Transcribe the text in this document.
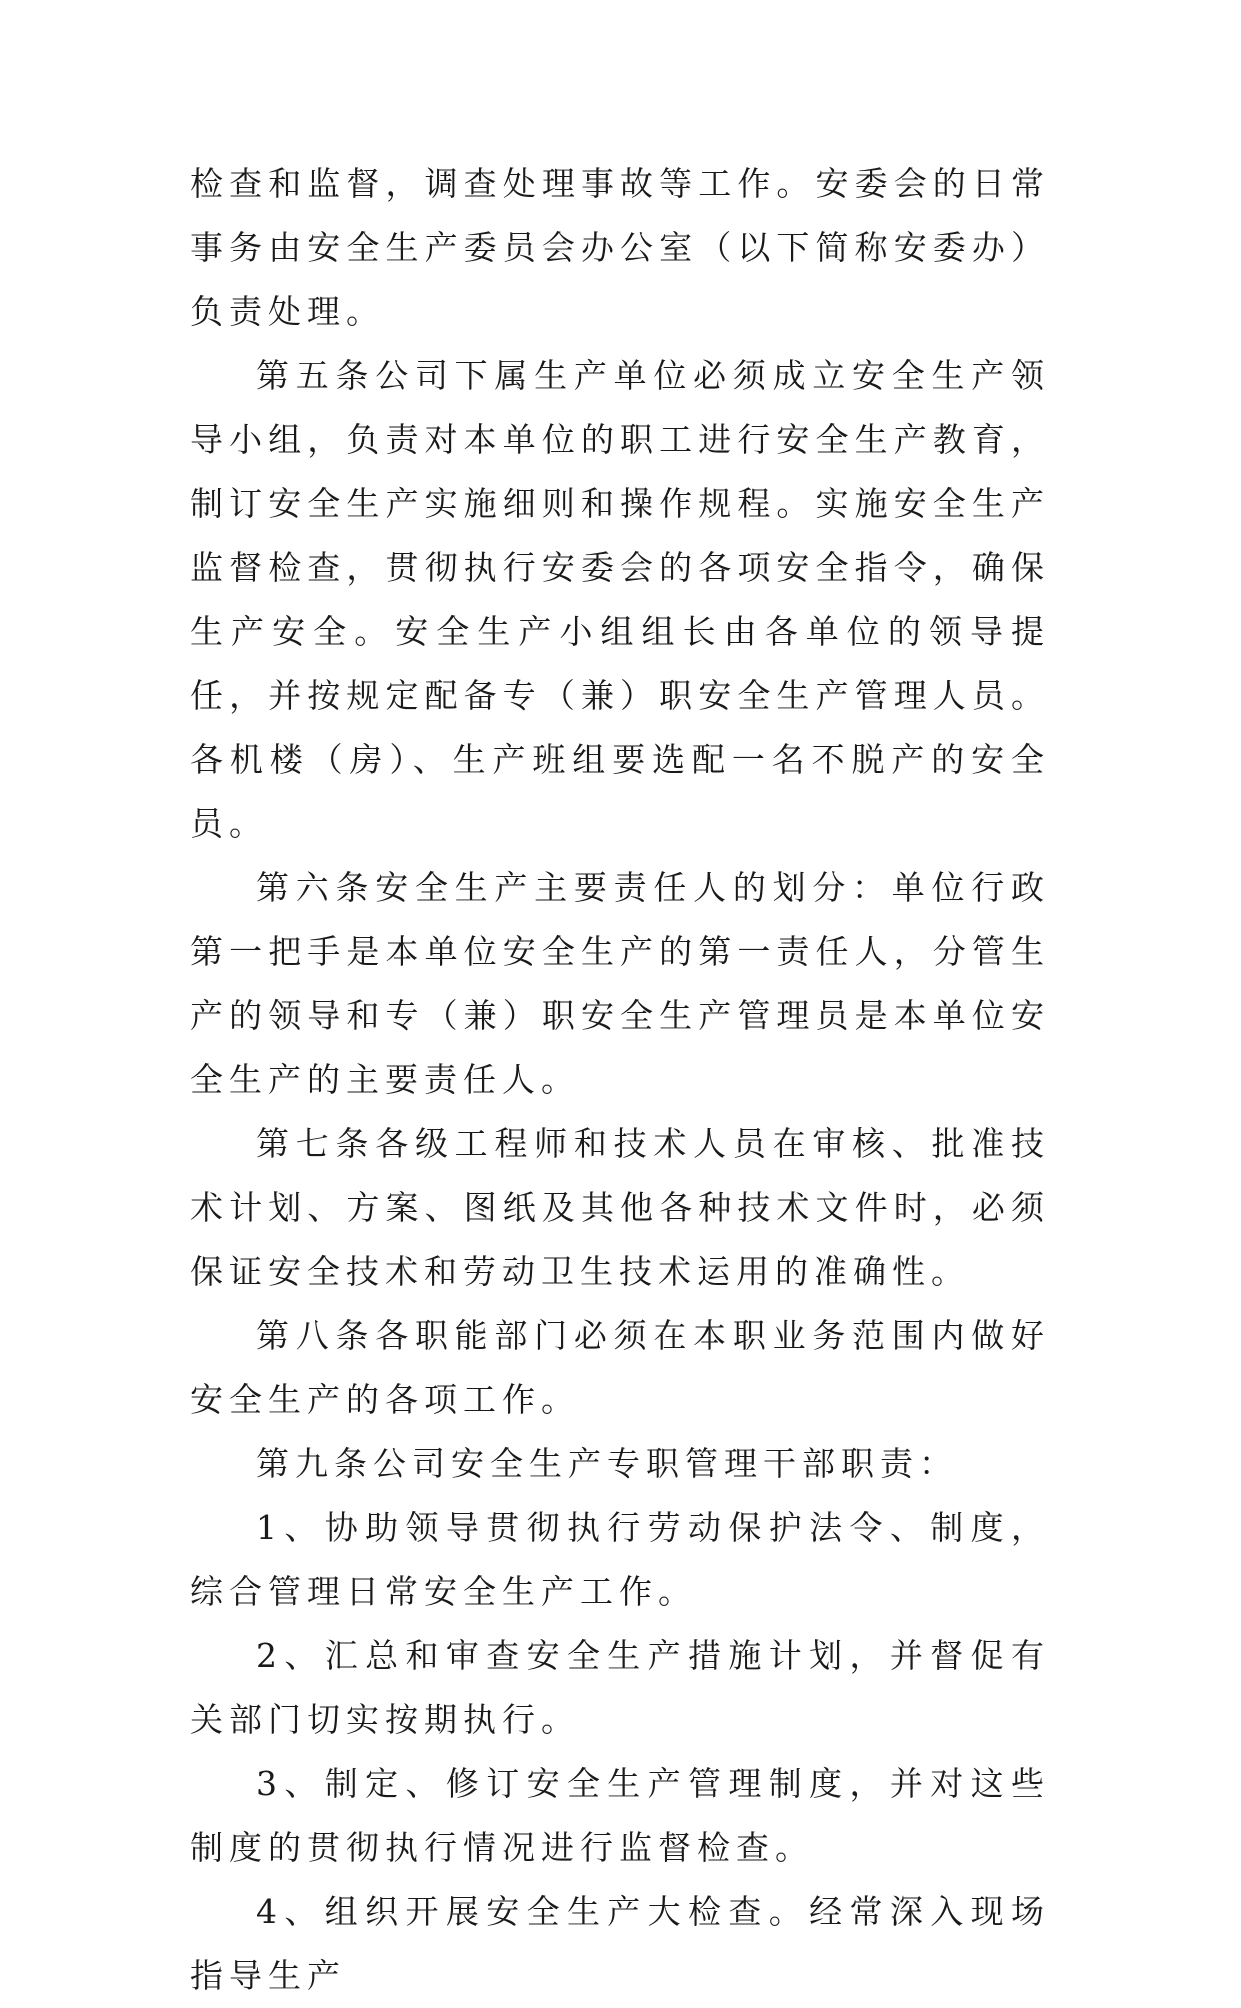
检查和监督，调查处理事故等工作。安委会的日常事务由安全生产委员会办公室（以下简称安委办）负责处理。

第五条公司下属生产单位必须成立安全生产领导小组，负责对本单位的职工进行安全生产教育，制订安全生产实施细则和操作规程。实施安全生产监督检查，贯彻执行安委会的各项安全指令，确保生产安全。安全生产小组组长由各单位的领导提任，并按规定配备专（兼）职安全生产管理人员。各机楼（房）、生产班组要选配一名不脱产的安全员。

第六条安全生产主要责任人的划分：单位行政第一把手是本单位安全生产的第一责任人，分管生产的领导和专（兼）职安全生产管理员是本单位安全生产的主要责任人。

第七条各级工程师和技术人员在审核、批准技术计划、方案、图纸及其他各种技术文件时，必须保证安全技术和劳动卫生技术运用的准确性。

第八条各职能部门必须在本职业务范围内做好安全生产的各项工作。

第九条公司安全生产专职管理干部职责：

1、协助领导贯彻执行劳动保护法令、制度，综合管理日常安全生产工作。

2、汇总和审查安全生产措施计划，并督促有关部门切实按期执行。

3、制定、修订安全生产管理制度，并对这些制度的贯彻执行情况进行监督检查。

4、组织开展安全生产大检查。经常深入现场指导生产
